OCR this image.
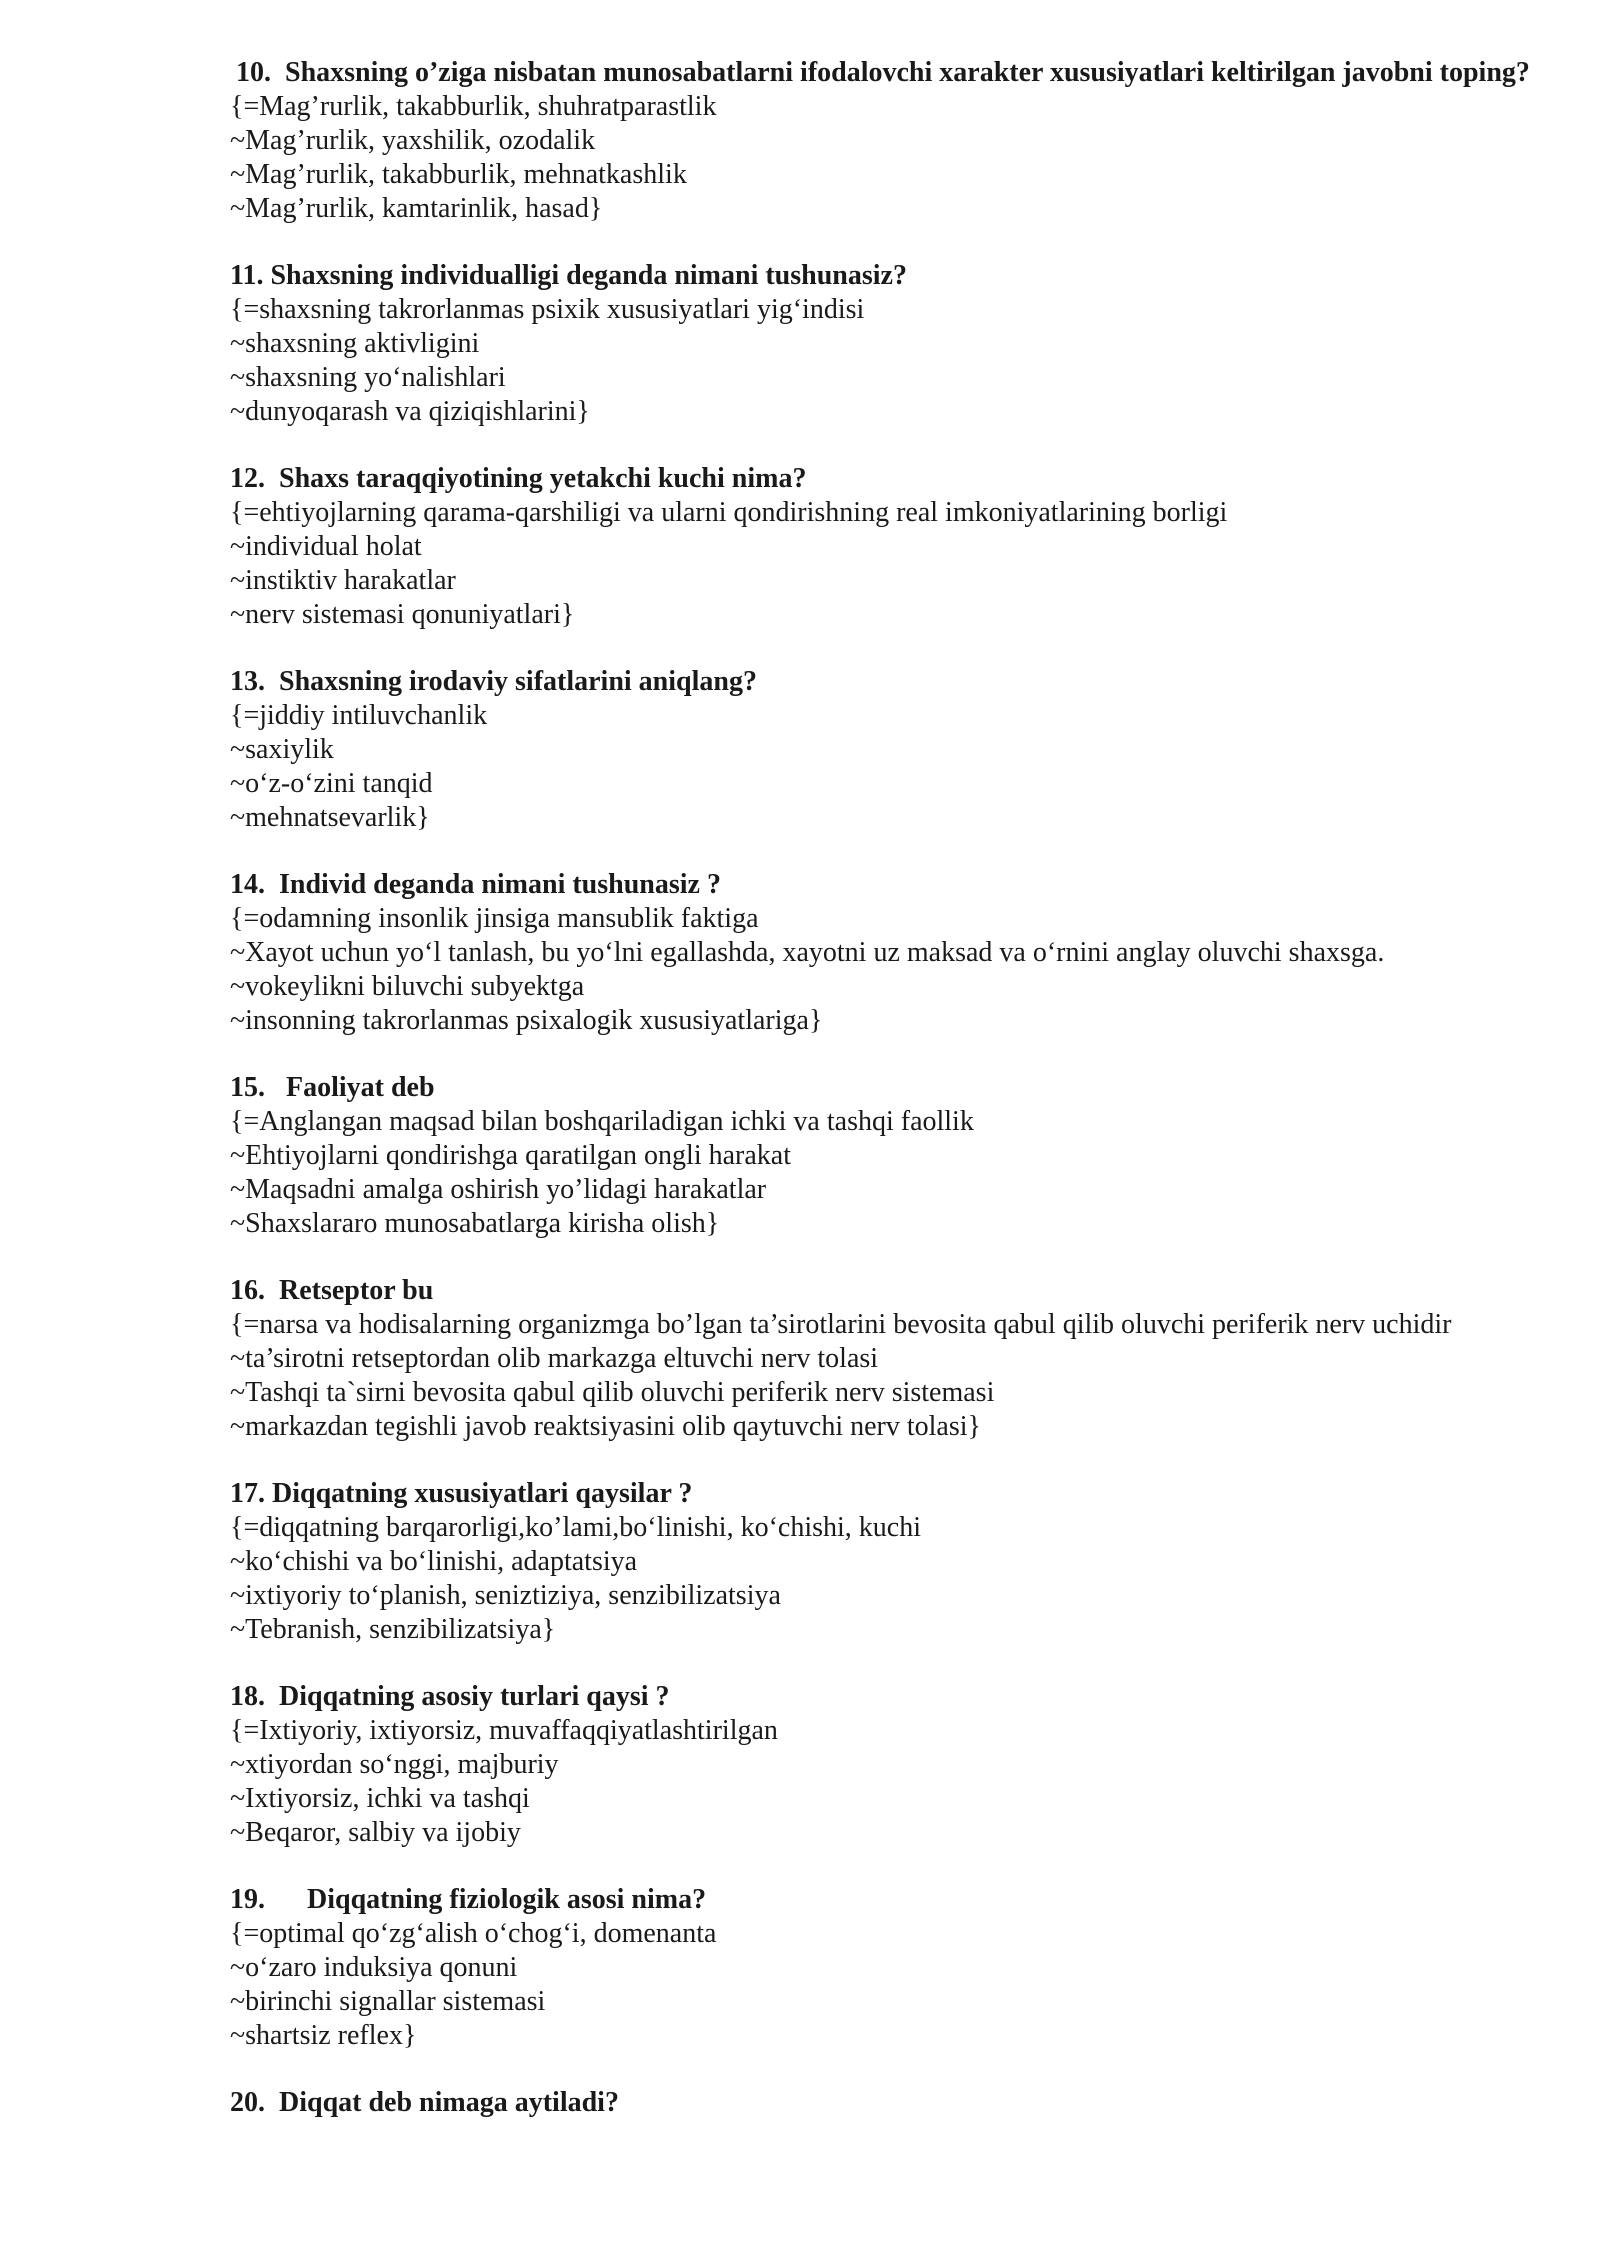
10. Shaxsning o’ziga nisbatan munosabatlarni ifodalovchi xarakter xususiyatlari keltirilgan javobni toping?

{=Mag’rurlik, takabburlik, shuhratparastlik

~Mag’rurlik, yaxshilik, ozodalik

~Mag’rurlik, takabburlik, mehnatkashlik

~Mag’rurlik, kamtarinlik, hasad}

11. Shaxsning individualligi deganda nimani tushunasiz?

{=shaxsning takrorlanmas psixik xususiyatlari yig‘indisi

~shaxsning aktivligini

~shaxsning yo‘nalishlari

~dunyoqarash va qiziqishlarini}

12. Shaxs taraqqiyotining yetakchi kuchi nima?

{=ehtiyojlarning qarama-qarshiligi va ularni qondirishning real imkoniyatlarining borligi

~individual holat

~instiktiv harakatlar

~nerv sistemasi qonuniyatlari}

13. Shaxsning irodaviy sifatlarini aniqlang?

{=jiddiy intiluvchanlik

~saxiylik

~o‘z-o‘zini tanqid

~mehnatsevarlik}

14. Individ deganda nimani tushunasiz ?

{=odamning insonlik jinsiga mansublik faktiga

~Xayot uchun yo‘l tanlash, bu yo‘lni egallashda, xayotni uz maksad va o‘rnini anglay oluvchi shaxsga.

~vokeylikni biluvchi subyektga

~insonning takrorlanmas psixalogik xususiyatlariga}

15. Faoliyat deb

{=Anglangan maqsad bilan boshqariladigan ichki va tashqi faollik

~Ehtiyojlarni qondirishga qaratilgan ongli harakat

~Maqsadni amalga oshirish yo’lidagi harakatlar

~Shaxslararo munosabatlarga kirisha olish}

16. Retseptor bu

{=narsa va hodisalarning organizmga bo’lgan ta’sirotlarini bevosita qabul qilib oluvchi periferik nerv uchidir

~ta’sirotni retseptordan olib markazga eltuvchi nerv tolasi

~Tashqi ta`sirni bevosita qabul qilib oluvchi periferik nerv sistemasi

~markazdan tegishli javob reaktsiyasini olib qaytuvchi nerv tolasi}

17. Diqqatning xususiyatlari qaysilar ?

{=diqqatning barqarorligi,ko’lami,bo‘linishi, ko‘chishi, kuchi

~ko‘chishi va bo‘linishi, adaptatsiya

~ixtiyoriy to‘planish, seniztiziya, senzibilizatsiya

~Tebranish, senzibilizatsiya}

18. Diqqatning asosiy turlari qaysi ?

{=Ixtiyoriy, ixtiyorsiz, muvaffaqqiyatlashtirilgan

~xtiyordan so‘nggi, majburiy

~Ixtiyorsiz, ichki va tashqi

~Beqaror, salbiy va ijobiy

19. Diqqatning fiziologik asosi nima?

{=optimal qo‘zg‘alish o‘chog‘i, domenanta

~o‘zaro induksiya qonuni

~birinchi signallar sistemasi

~shartsiz reflex}

20. Diqqat deb nimaga aytiladi?
